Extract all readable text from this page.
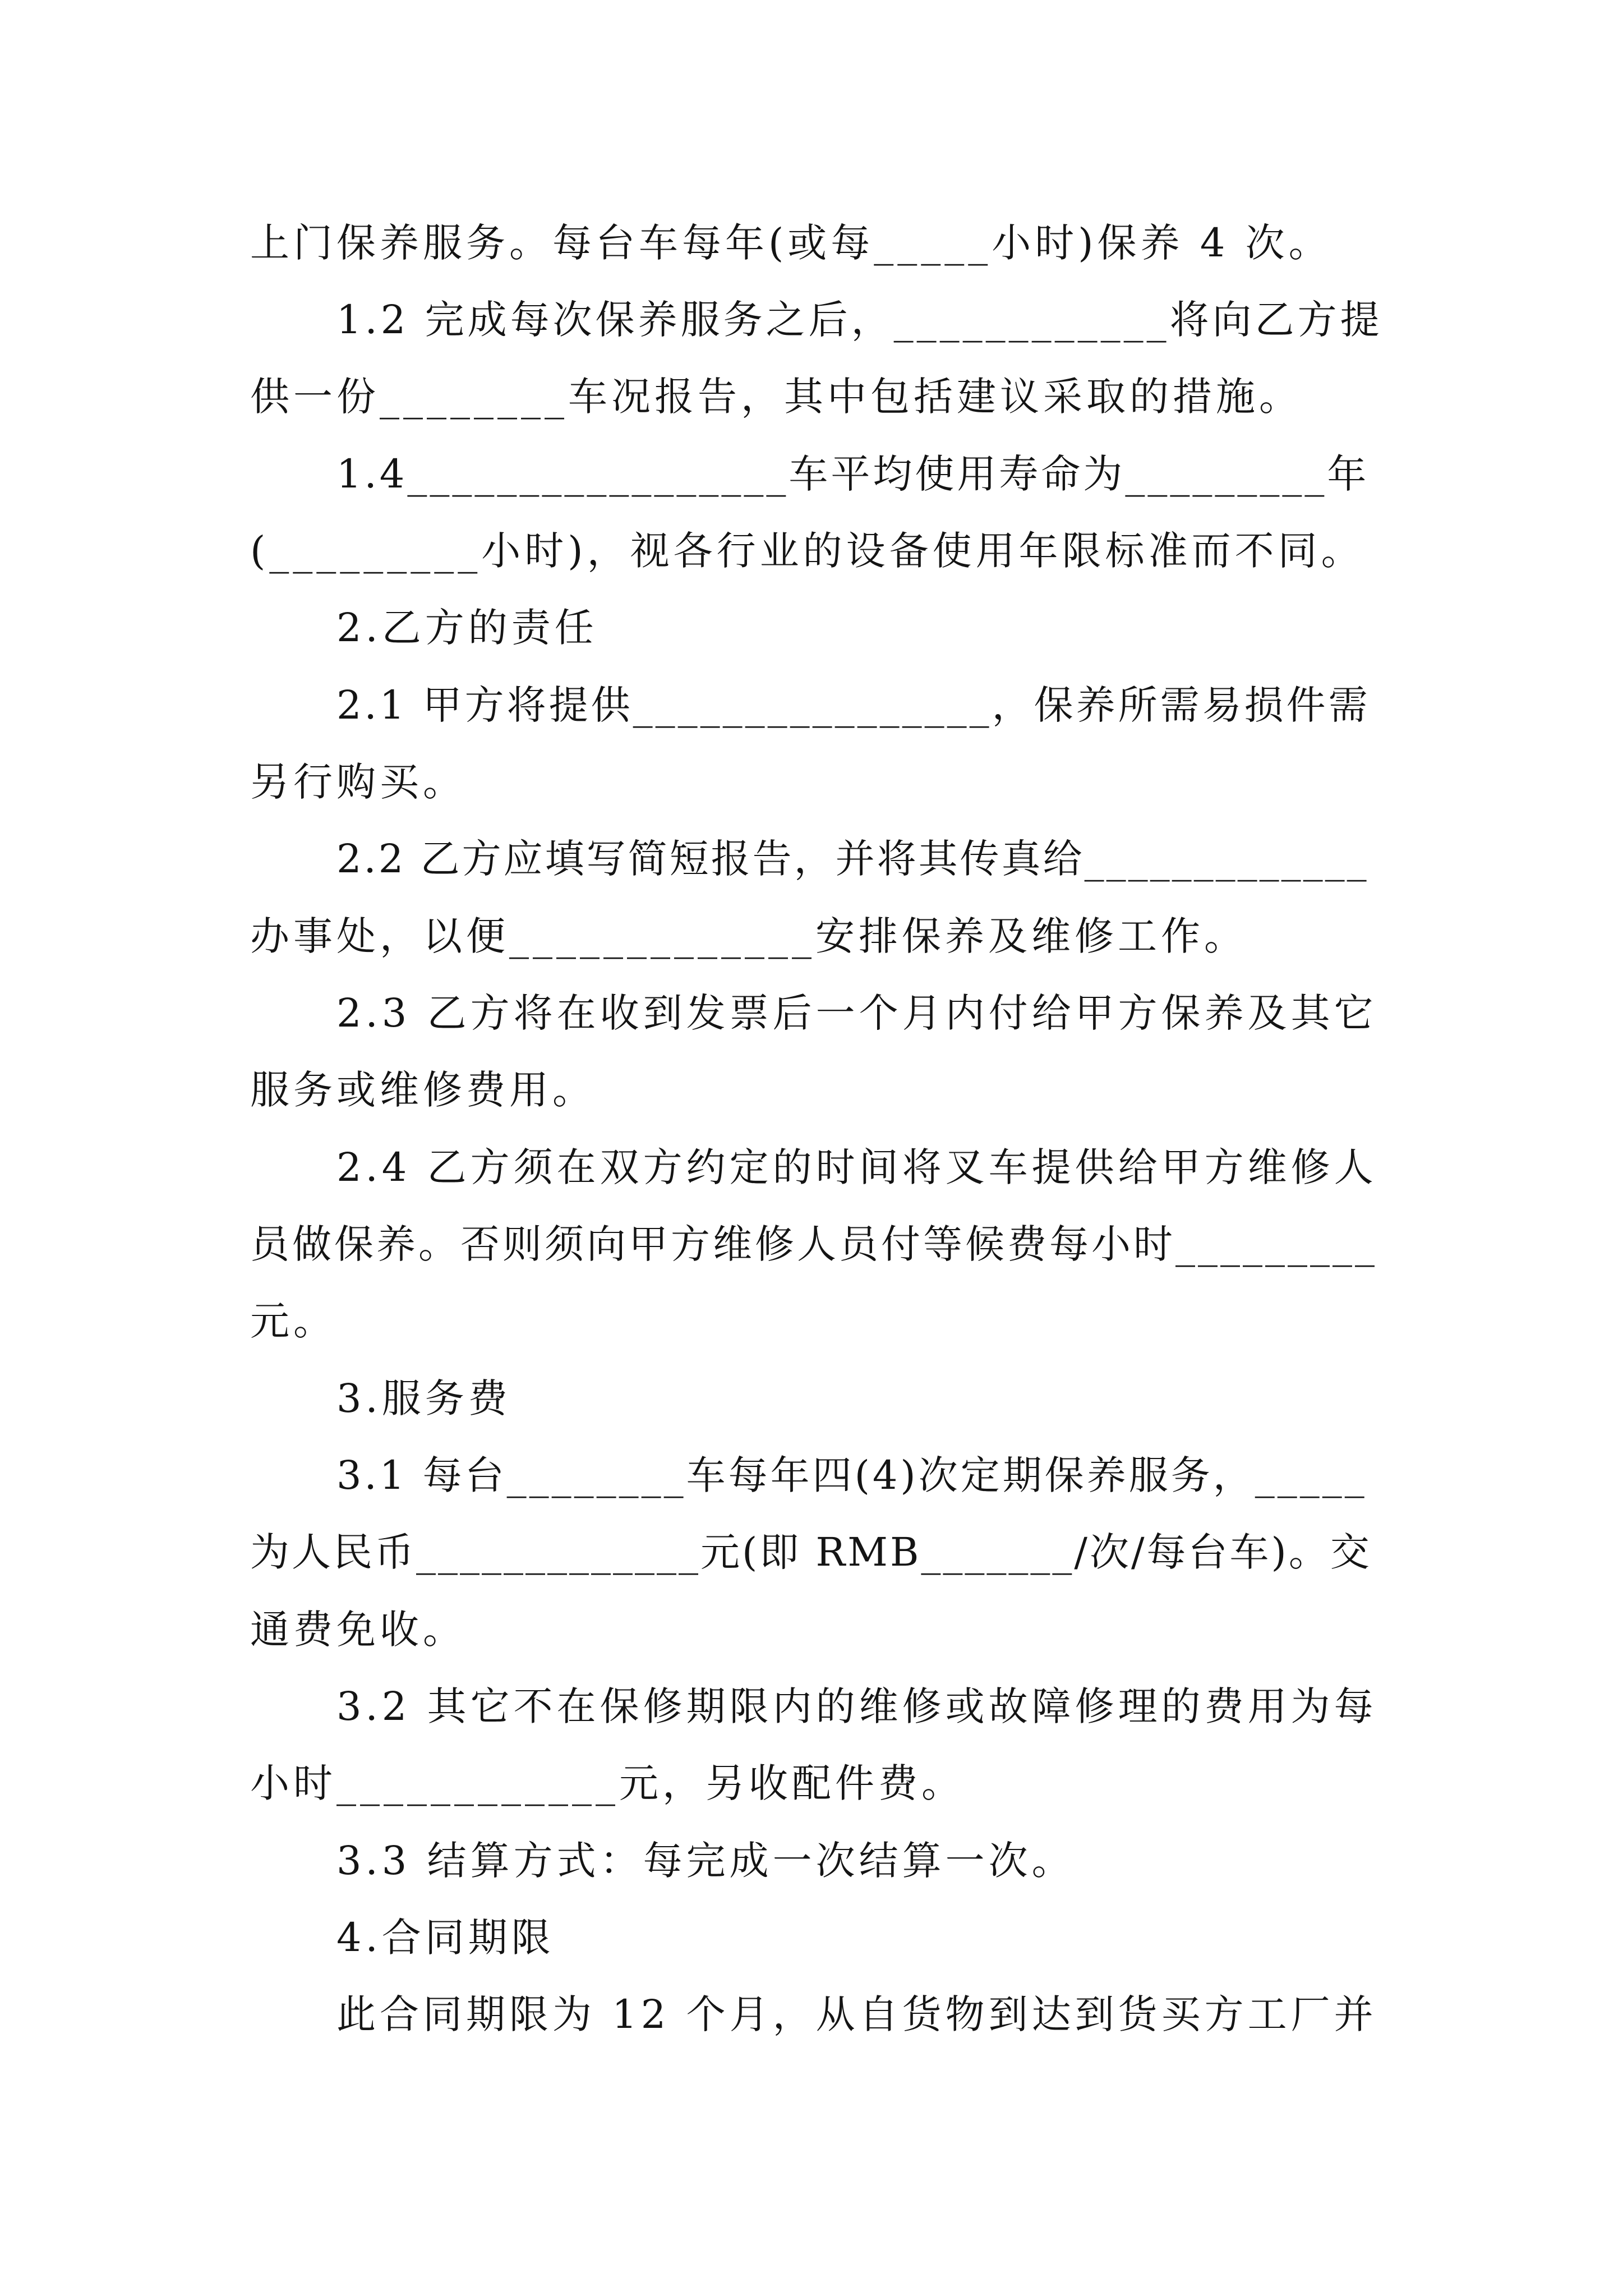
上门保养服务。每台车每年(或每_____小时)保养 4 次。
1.2 完成每次保养服务之后，____________将向乙方提
供一份________车况报告，其中包括建议采取的措施。
1.4_________________车平均使用寿命为_________年
(_________小时)，视各行业的设备使用年限标准而不同。
2.乙方的责任
2.1 甲方将提供________________，保养所需易损件需
另行购买。
2.2 乙方应填写简短报告，并将其传真给_____________
办事处，以便_____________安排保养及维修工作。
2.3 乙方将在收到发票后一个月内付给甲方保养及其它
服务或维修费用。
2.4 乙方须在双方约定的时间将叉车提供给甲方维修人
员做保养。否则须向甲方维修人员付等候费每小时_________
元。
3.服务费
3.1 每台________车每年四(4)次定期保养服务，_____
为人民币_____________元(即 RMB_______/次/每台车)。交
通费免收。
3.2 其它不在保修期限内的维修或故障修理的费用为每
小时____________元，另收配件费。
3.3 结算方式：每完成一次结算一次。
4.合同期限
此合同期限为 12 个月，从自货物到达到货买方工厂并
